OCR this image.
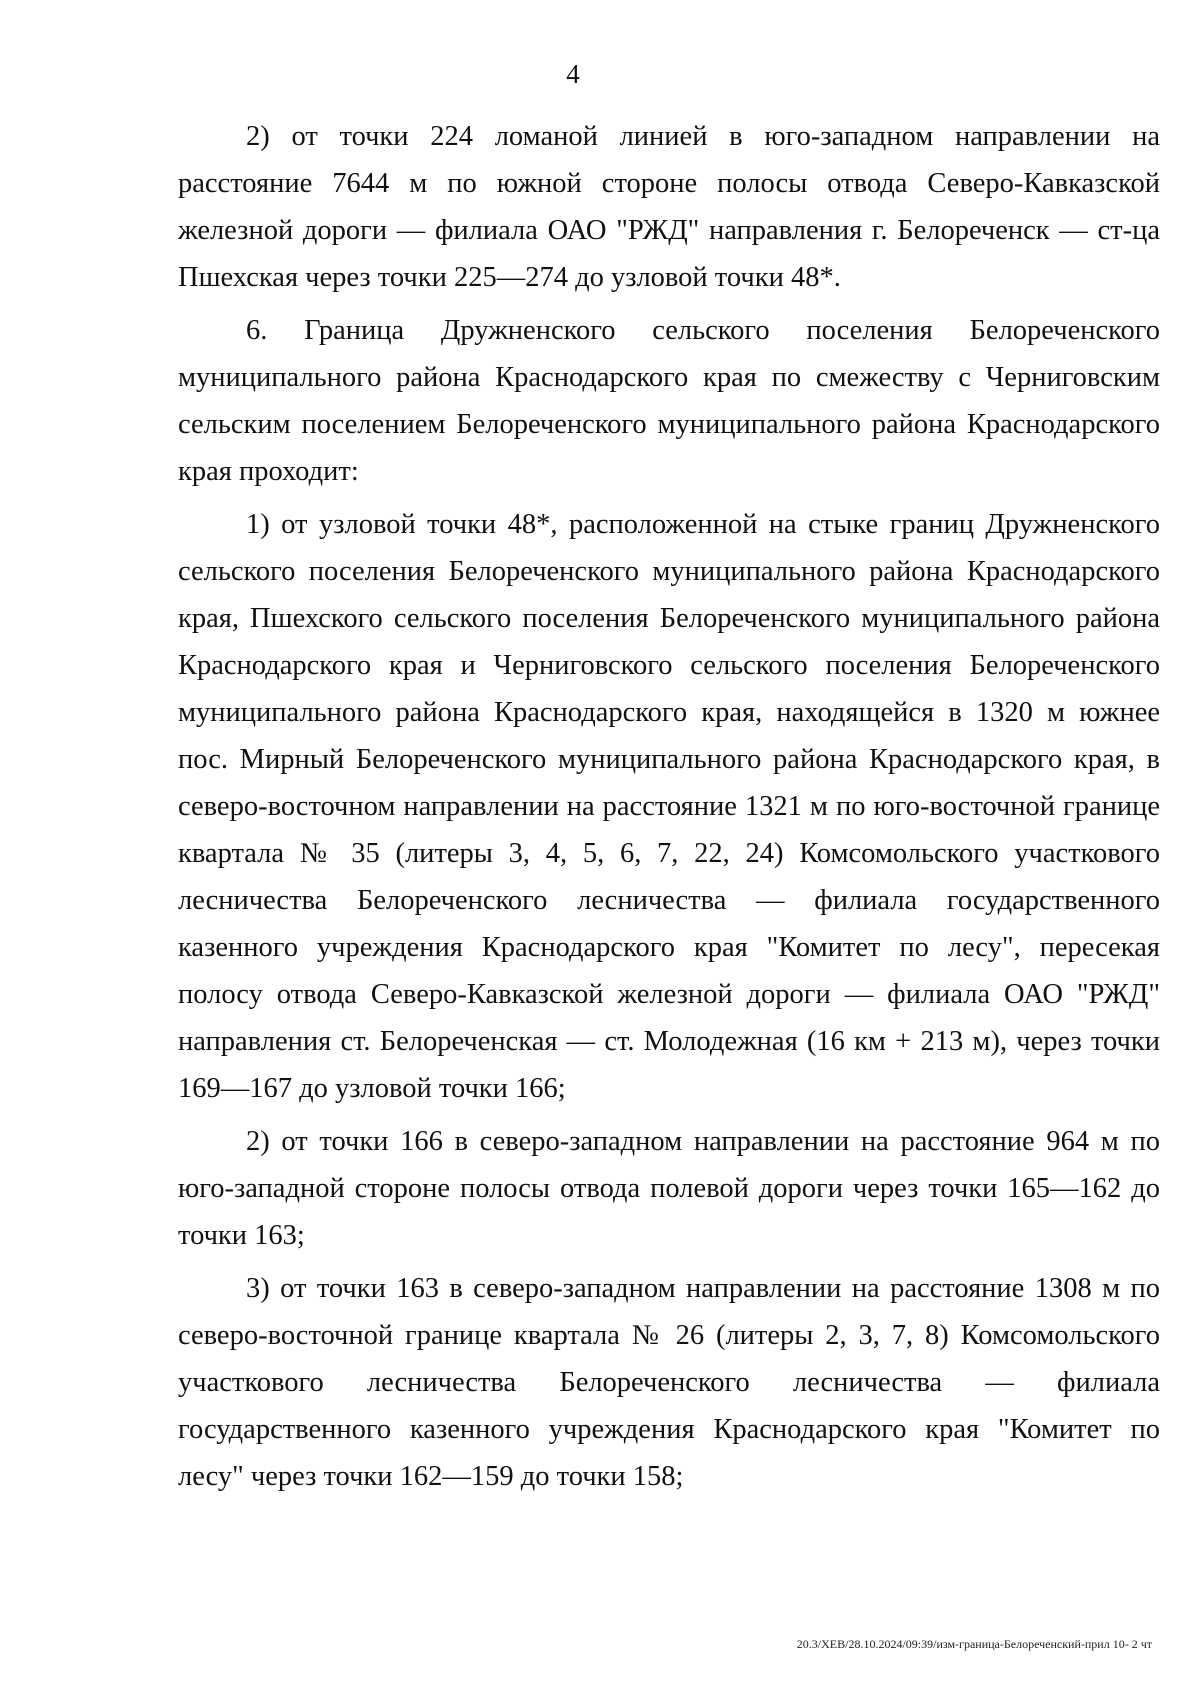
4

2) от точки 224 ломаной линией в юго-западном направлении на расстояние 7644 м по южной стороне полосы отвода Северо-Кавказской железной дороги — филиала ОАО "РЖД" направления г. Белореченск — ст-ца Пшехская через точки 225—274 до узловой точки 48*.

6. Граница Дружненского сельского поселения Белореченского муниципального района Краснодарского края по смежеству с Черниговским сельским поселением Белореченского муниципального района Краснодарского края проходит:

1) от узловой точки 48*, расположенной на стыке границ Дружненского сельского поселения Белореченского муниципального района Краснодарского края, Пшехского сельского поселения Белореченского муниципального района Краснодарского края и Черниговского сельского поселения Белореченского муниципального района Краснодарского края, находящейся в 1320 м южнее пос. Мирный Белореченского муниципального района Краснодарского края, в северо-восточном направлении на расстояние 1321 м по юго-восточной границе квартала № 35 (литеры 3, 4, 5, 6, 7, 22, 24) Комсомольского участкового лесничества Белореченского лесничества — филиала государственного казенного учреждения Краснодарского края "Комитет по лесу", пересекая полосу отвода Северо-Кавказской железной дороги — филиала ОАО "РЖД" направления ст. Белореченская — ст. Молодежная (16 км + 213 м), через точки 169—167 до узловой точки 166;

2) от точки 166 в северо-западном направлении на расстояние 964 м по юго-западной стороне полосы отвода полевой дороги через точки 165—162 до точки 163;

3) от точки 163 в северо-западном направлении на расстояние 1308 м по северо-восточной границе квартала № 26 (литеры 2, 3, 7, 8) Комсомольского участкового лесничества Белореченского лесничества — филиала государственного казенного учреждения Краснодарского края "Комитет по лесу" через точки 162—159 до точки 158;

20.3/ХЕВ/28.10.2024/09:39/изм-граница-Белореченский-прил 10- 2 чт
